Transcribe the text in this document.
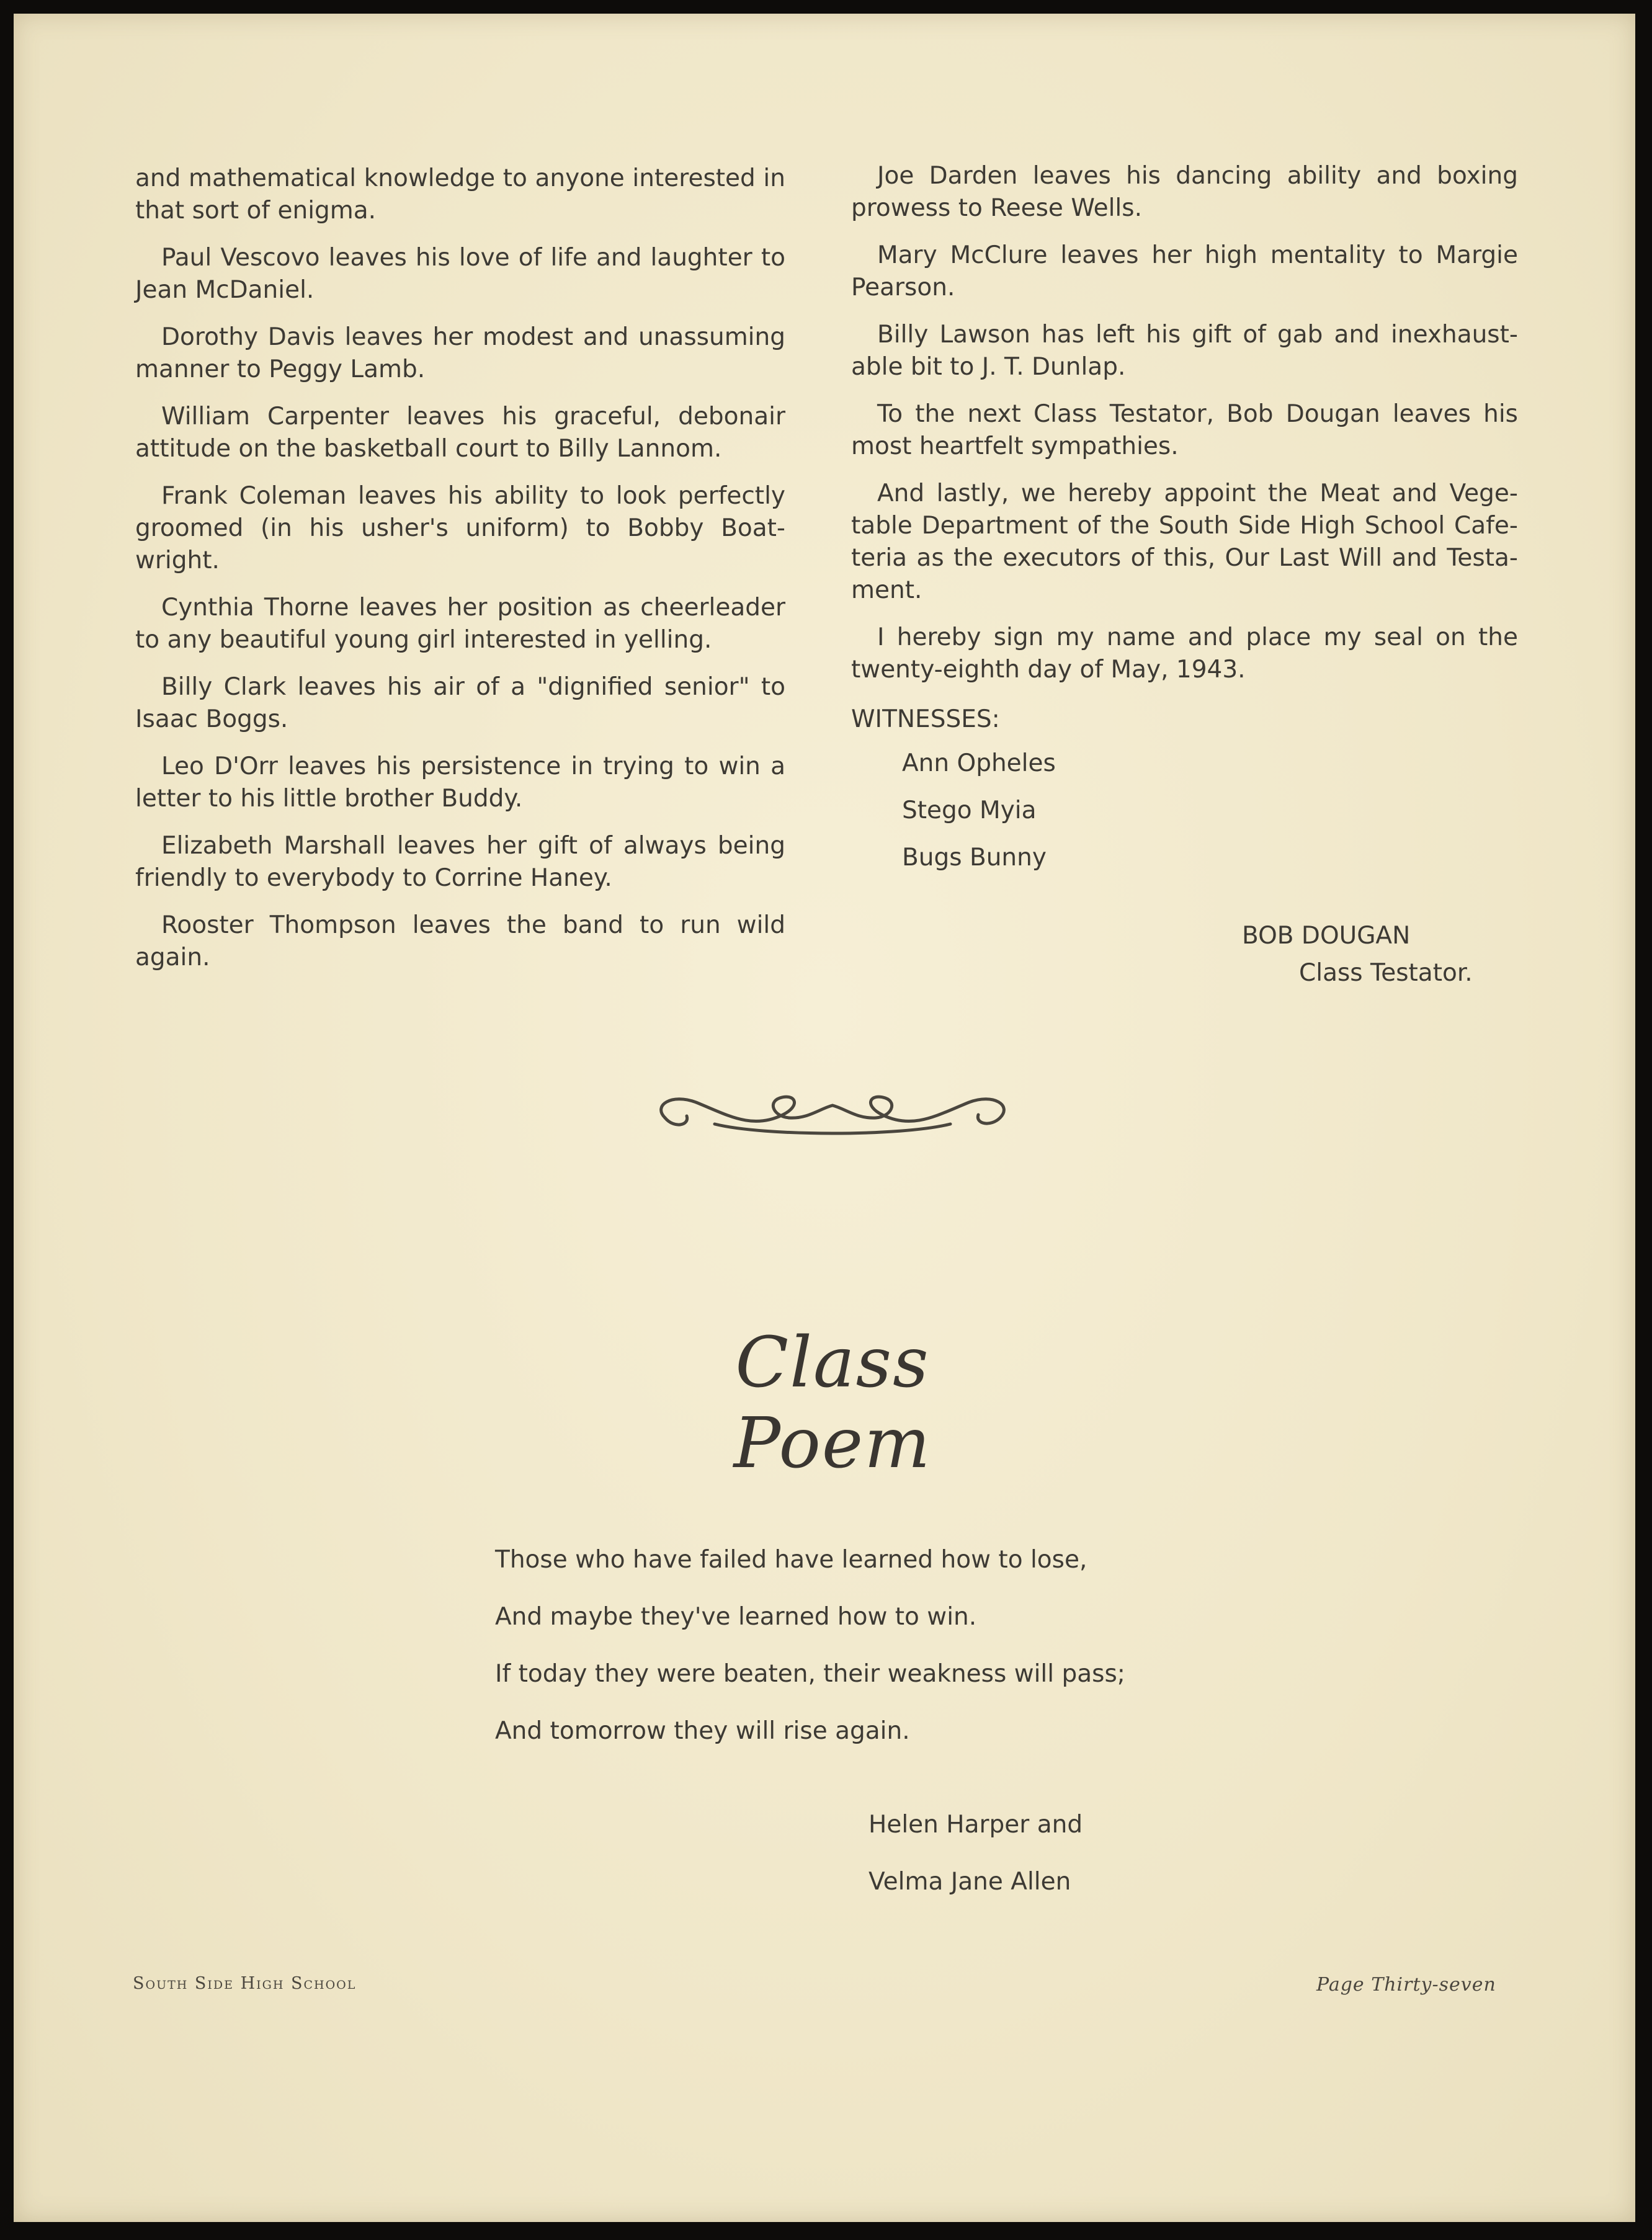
and mathematical knowledge to anyone interested in that sort of enigma.

Paul Vescovo leaves his love of life and laughter to Jean McDaniel.

Dorothy Davis leaves her modest and unassuming manner to Peggy Lamb.

William Carpenter leaves his graceful, debonair attitude on the basketball court to Billy Lannom.

Frank Coleman leaves his ability to look perfectly groomed (in his usher's uniform) to Bobby Boat-wright.

Cynthia Thorne leaves her position as cheerleader to any beautiful young girl interested in yelling.

Billy Clark leaves his air of a "dignified senior" to Isaac Boggs.

Leo D'Orr leaves his persistence in trying to win a letter to his little brother Buddy.

Elizabeth Marshall leaves her gift of always being friendly to everybody to Corrine Haney.

Rooster Thompson leaves the band to run wild again.

Joe Darden leaves his dancing ability and boxing prowess to Reese Wells.

Mary McClure leaves her high mentality to Margie Pearson.

Billy Lawson has left his gift of gab and inexhaust-able bit to J. T. Dunlap.

To the next Class Testator, Bob Dougan leaves his most heartfelt sympathies.

And lastly, we hereby appoint the Meat and Vege-table Department of the South Side High School Cafe-teria as the executors of this, Our Last Will and Testa-ment.

I hereby sign my name and place my seal on the twenty-eighth day of May, 1943.

WITNESSES:
Ann Opheles
Stego Myia
Bugs Bunny
BOB DOUGAN
Class Testator.
Class Poem
Those who have failed have learned how to lose,
And maybe they've learned how to win.
If today they were beaten, their weakness will pass;
And tomorrow they will rise again.
Helen Harper and
Velma Jane Allen
South Side High School	Page Thirty-seven
